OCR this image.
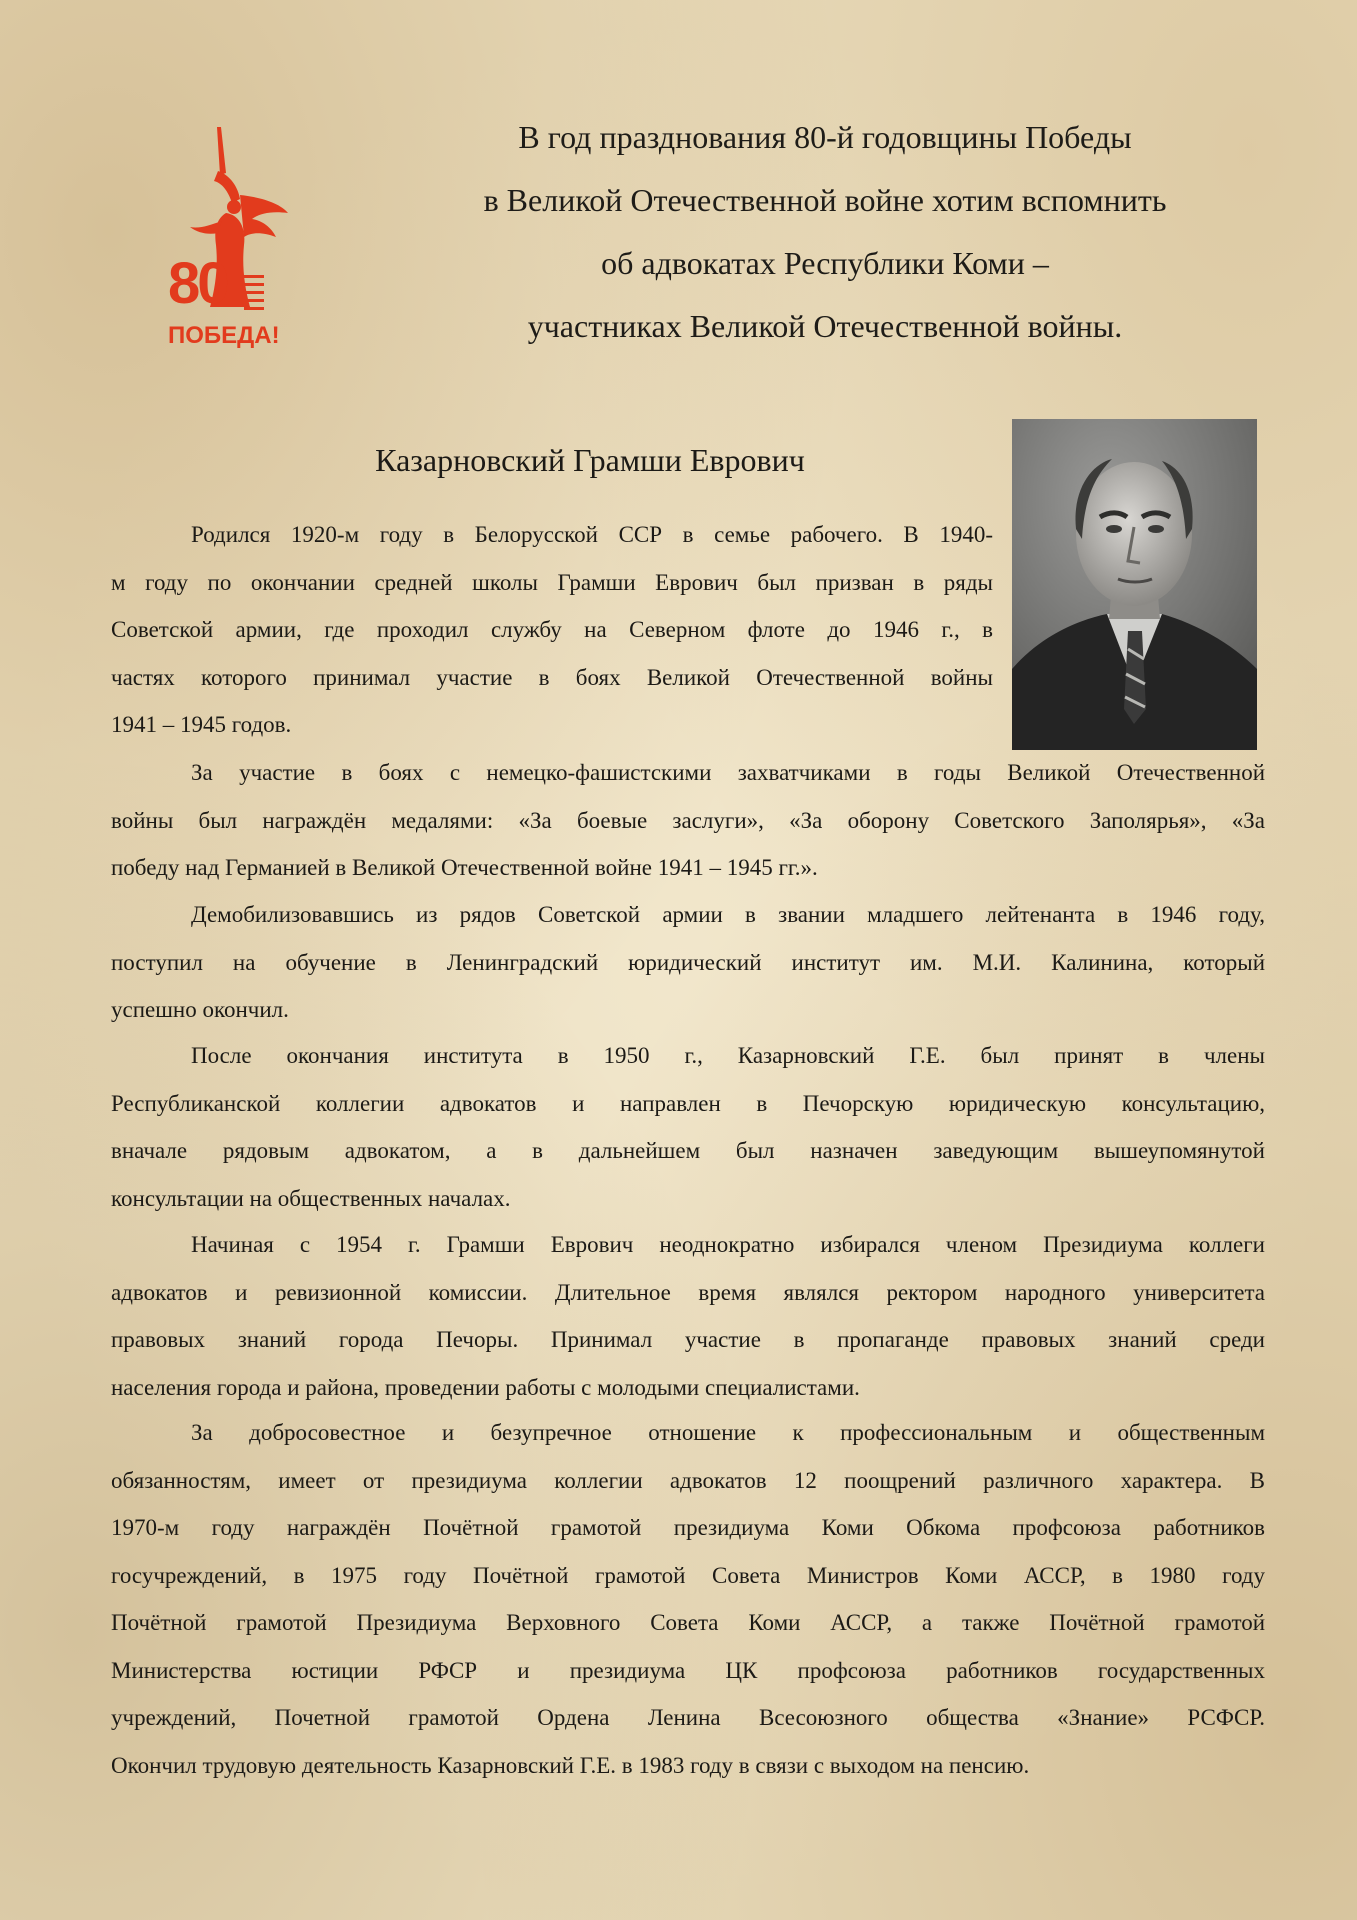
80
ПОБЕДА!
В год празднования 80-й годовщины Победы
в Великой Отечественной войне хотим вспомнить
об адвокатах Республики Коми –
участниках Великой Отечественной войны.
Казарновский Грамши Еврович
Родился 1920-м году в Белорусской ССР в семье рабочего. В 1940-
м году по окончании средней школы Грамши Еврович был призван в ряды
Советской армии, где проходил службу на Северном флоте до 1946 г., в
частях которого принимал участие в боях Великой Отечественной войны
1941 – 1945 годов.
За участие в боях с немецко-фашистскими захватчиками в годы Великой Отечественной
войны был награждён медалями: «За боевые заслуги», «За оборону Советского Заполярья», «За
победу над Германией в Великой Отечественной войне 1941 – 1945 гг.».
Демобилизовавшись из рядов Советской армии в звании младшего лейтенанта в 1946 году,
поступил на обучение в Ленинградский юридический институт им. М.И. Калинина, который
успешно окончил.
После окончания института в 1950 г., Казарновский Г.Е. был принят в члены
Республиканской коллегии адвокатов и направлен в Печорскую юридическую консультацию,
вначале рядовым адвокатом, а в дальнейшем был назначен заведующим вышеупомянутой
консультации на общественных началах.
Начиная с 1954 г. Грамши Еврович неоднократно избирался членом Президиума коллеги
адвокатов и ревизионной комиссии. Длительное время являлся ректором народного университета
правовых знаний города Печоры. Принимал участие в пропаганде правовых знаний среди
населения города и района, проведении работы с молодыми специалистами.
За добросовестное и безупречное отношение к профессиональным и общественным
обязанностям, имеет от президиума коллегии адвокатов 12 поощрений различного характера. В
1970-м году награждён Почётной грамотой президиума Коми Обкома профсоюза работников
госучреждений, в 1975 году Почётной грамотой Совета Министров Коми АССР, в 1980 году
Почётной грамотой Президиума Верховного Совета Коми АССР, а также Почётной грамотой
Министерства юстиции РФСР и президиума ЦК профсоюза работников государственных
учреждений, Почетной грамотой Ордена Ленина Всесоюзного общества «Знание» РСФСР.
Окончил трудовую деятельность Казарновский Г.Е. в 1983 году в связи с выходом на пенсию.
